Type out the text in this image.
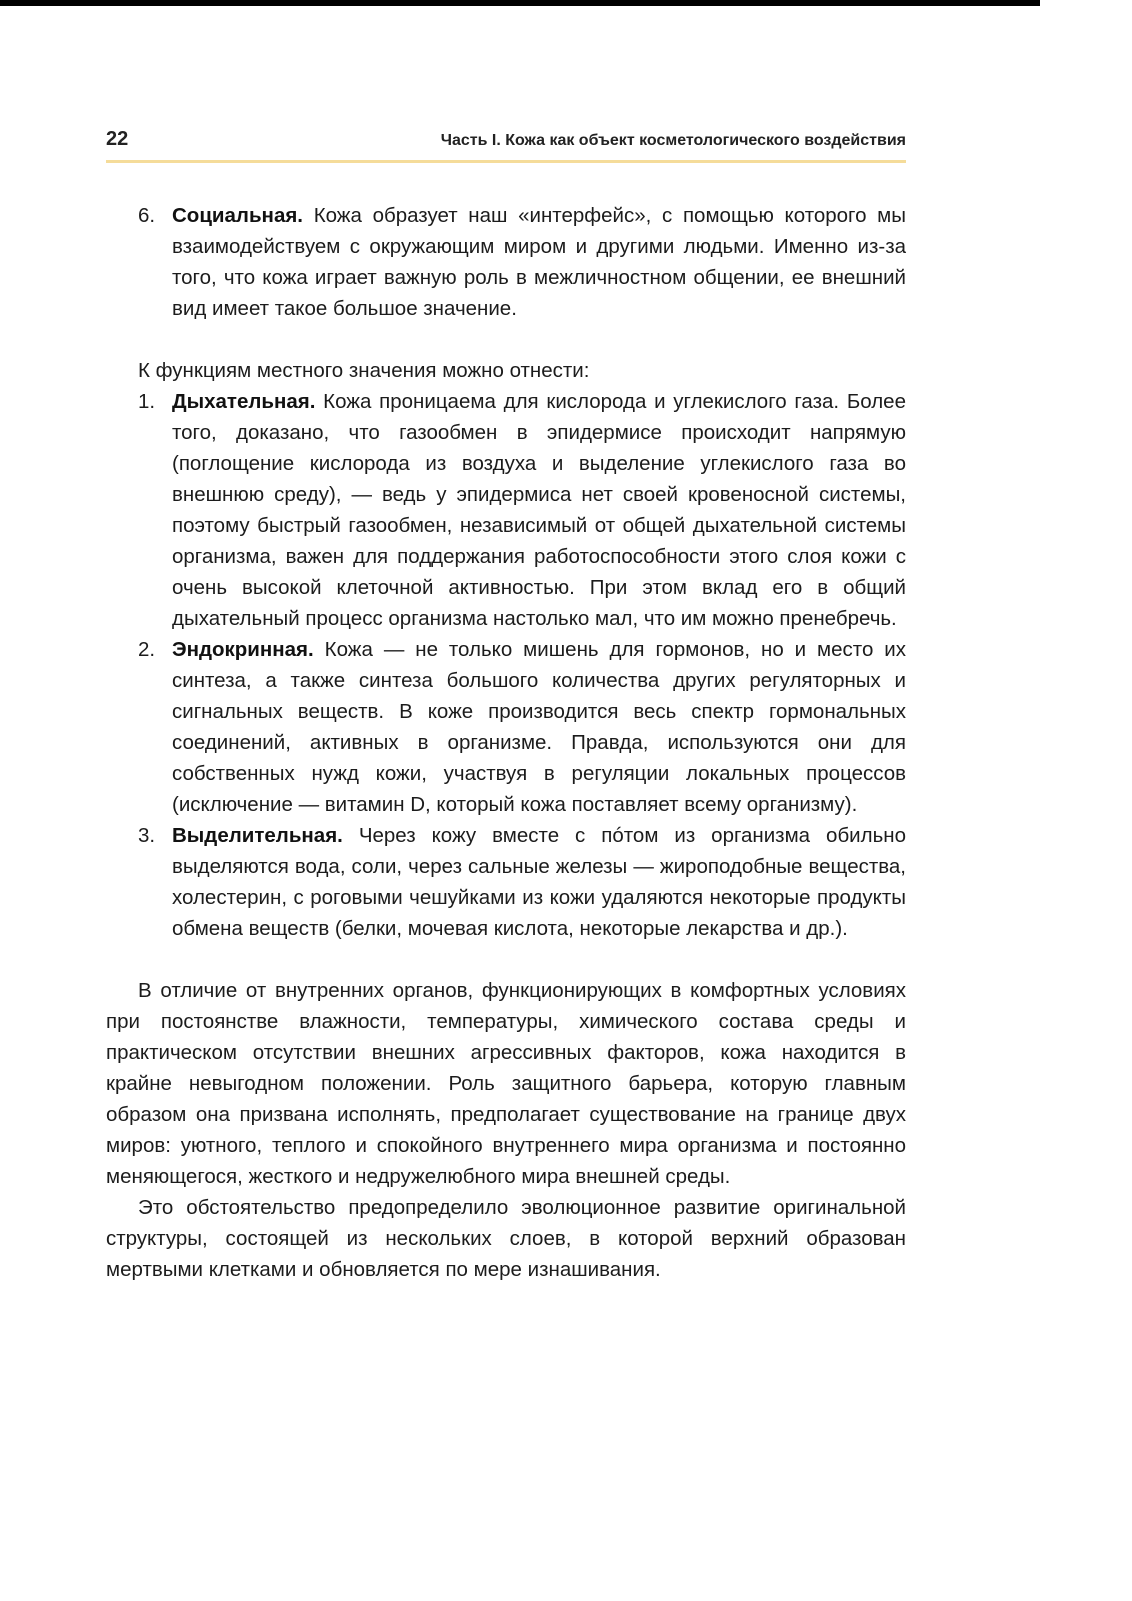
22	Часть I. Кожа как объект косметологического воздействия
6. Социальная. Кожа образует наш «интерфейс», с помощью которого мы взаимодействуем с окружающим миром и другими людьми. Именно из-за того, что кожа играет важную роль в межличностном общении, ее внешний вид имеет такое большое значение.

К функциям местного значения можно отнести:

1. Дыхательная. Кожа проницаема для кислорода и углекислого газа. Более того, доказано, что газообмен в эпидермисе происходит напрямую (поглощение кислорода из воздуха и выделение углекислого газа во внешнюю среду), — ведь у эпидермиса нет своей кровеносной системы, поэтому быстрый газообмен, независимый от общей дыхательной системы организма, важен для поддержания работоспособности этого слоя кожи с очень высокой клеточной активностью. При этом вклад его в общий дыхательный процесс организма настолько мал, что им можно пренебречь.
2. Эндокринная. Кожа — не только мишень для гормонов, но и место их синтеза, а также синтеза большого количества других регуляторных и сигнальных веществ. В коже производится весь спектр гормональных соединений, активных в организме. Правда, используются они для собственных нужд кожи, участвуя в регуляции локальных процессов (исключение — витамин D, который кожа поставляет всему организму).
3. Выделительная. Через кожу вместе с пóтом из организма обильно выделяются вода, соли, через сальные железы — жироподобные вещества, холестерин, с роговыми чешуйками из кожи удаляются некоторые продукты обмена веществ (белки, мочевая кислота, некоторые лекарства и др.).

В отличие от внутренних органов, функционирующих в комфортных условиях при постоянстве влажности, температуры, химического состава среды и практическом отсутствии внешних агрессивных факторов, кожа находится в крайне невыгодном положении. Роль защитного барьера, которую главным образом она призвана исполнять, предполагает существование на границе двух миров: уютного, теплого и спокойного внутреннего мира организма и постоянно меняющегося, жесткого и недружелюбного мира внешней среды.

Это обстоятельство предопределило эволюционное развитие оригинальной структуры, состоящей из нескольких слоев, в которой верхний образован мертвыми клетками и обновляется по мере изнашивания.
